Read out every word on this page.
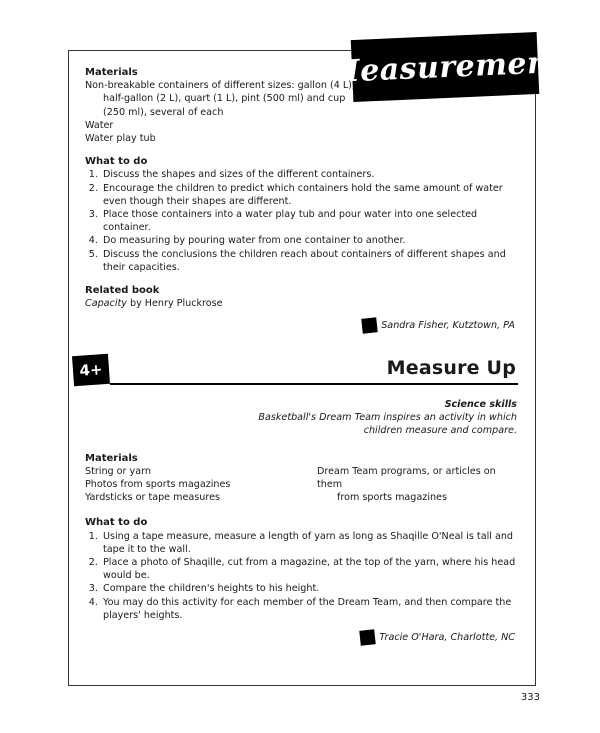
Measurement
Materials
Non-breakable containers of different sizes: gallon (4 L),
half-gallon (2 L), quart (1 L), pint (500 ml) and cup
(250 ml), several of each
Water
Water play tub
What to do
1. Discuss the shapes and sizes of the different containers.
2. Encourage the children to predict which containers hold the same amount of water even though their shapes are different.
3. Place those containers into a water play tub and pour water into one selected container.
4. Do measuring by pouring water from one container to another.
5. Discuss the conclusions the children reach about containers of different shapes and their capacities.
Related book
Capacity by Henry Pluckrose
Sandra Fisher, Kutztown, PA
4+	Measure Up
Science skills
Basketball's Dream Team inspires an activity in which
children measure and compare.
Materials
String or yarn
Photos from sports magazines
Yardsticks or tape measures
Dream Team programs, or articles on them
from sports magazines
What to do
1. Using a tape measure, measure a length of yarn as long as Shaqille O'Neal is tall and tape it to the wall.
2. Place a photo of Shaqille, cut from a magazine, at the top of the yarn, where his head would be.
3. Compare the children's heights to his height.
4. You may do this activity for each member of the Dream Team, and then compare the players' heights.
Tracie O'Hara, Charlotte, NC
333
